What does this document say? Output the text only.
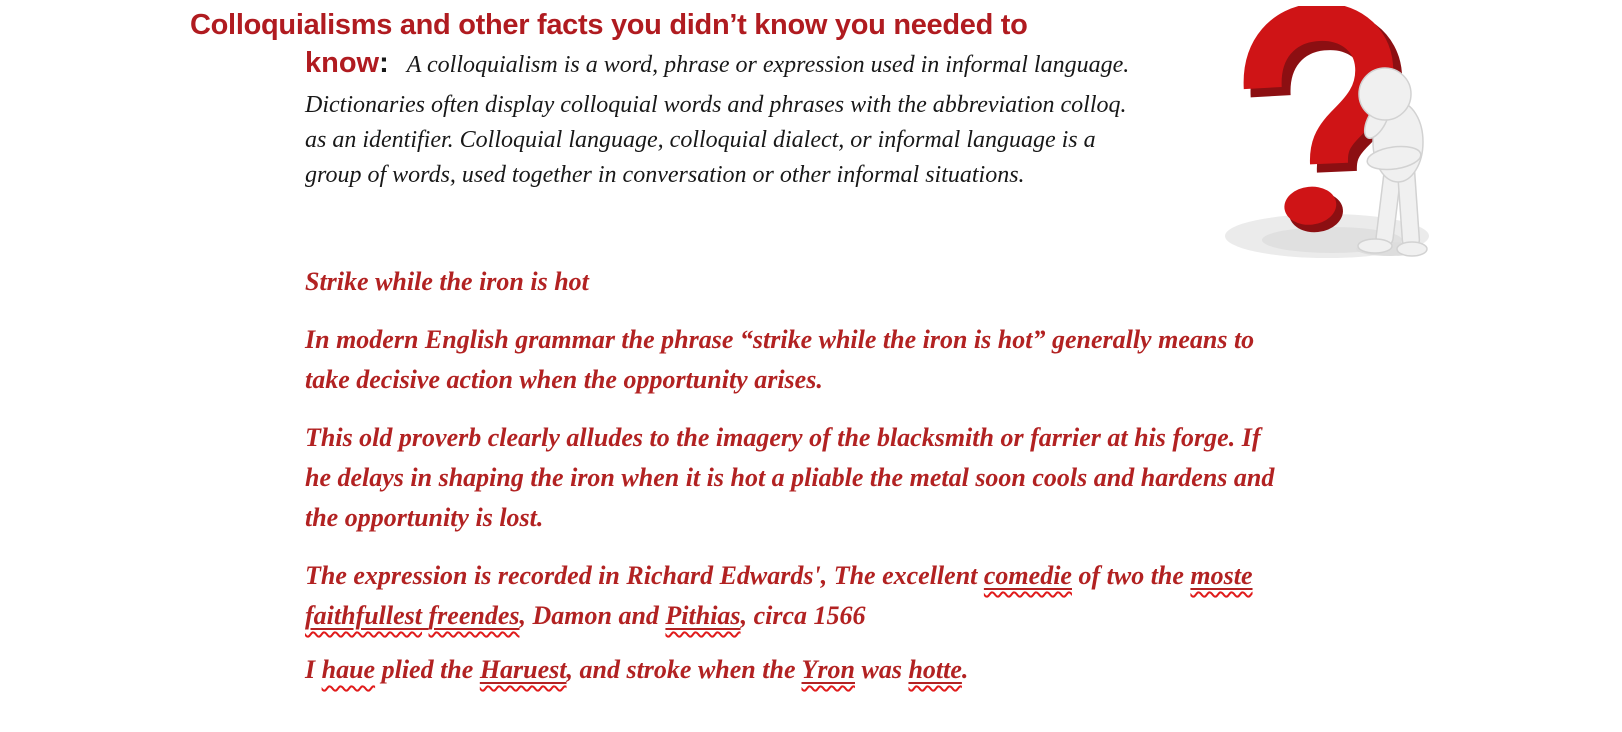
Colloquialisms and other facts you didn’t know you needed to
know: A colloquialism is a word, phrase or expression used in informal language.
Dictionaries often display colloquial words and phrases with the abbreviation colloq.
as an identifier. Colloquial language, colloquial dialect, or informal language is a
group of words, used together in conversation or other informal situations.
Strike while the iron is hot
In modern English grammar the phrase “strike while the iron is hot” generally means to
take decisive action when the opportunity arises.
This old proverb clearly alludes to the imagery of the blacksmith or farrier at his forge. If
he delays in shaping the iron when it is hot a pliable the metal soon cools and hardens and
the opportunity is lost.
The expression is recorded in Richard Edwards', The excellent comedie of two the moste
faithfullest freendes, Damon and Pithias, circa 1566
I haue plied the Haruest, and stroke when the Yron was hotte.
